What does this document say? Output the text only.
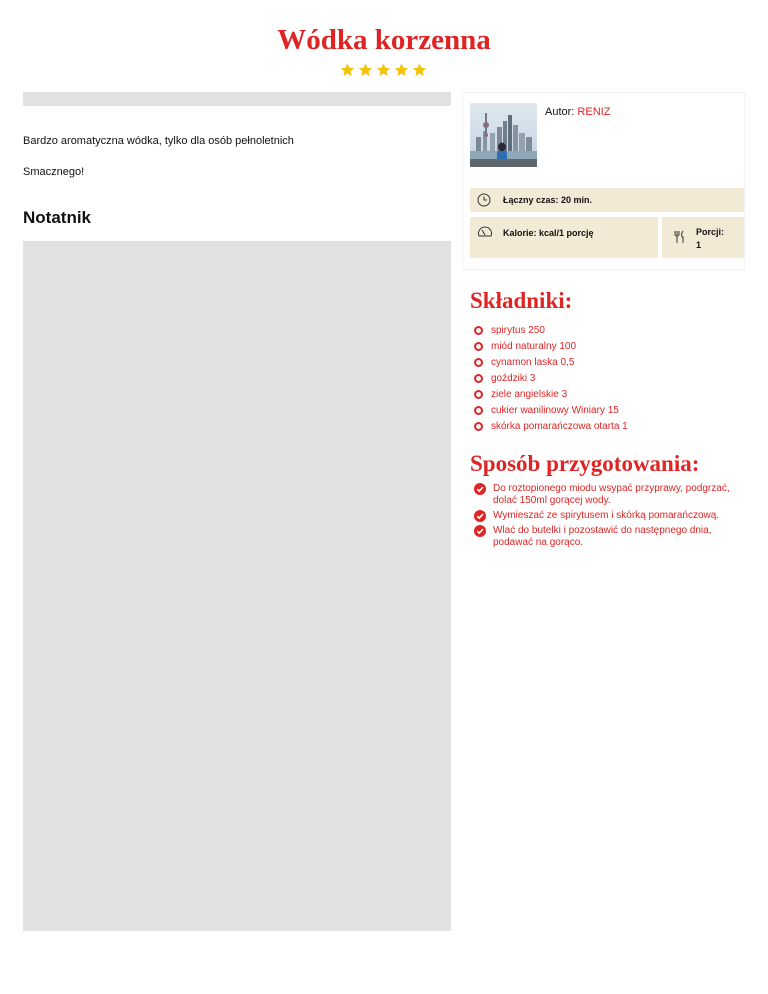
Wódka korzenna

Bardzo aromatyczna wódka, tylko dla osób pełnoletnich

Smacznego!

Notatnik
Autor: RENIZ
Łączny czas: 20 min.
Kalorie: kcal/1 porcję	Porcji:
1
Składniki:
spirytus 250
miód naturalny 100
cynamon laska 0,5
goździki 3
ziele angielskie 3
cukier wanilinowy Winiary 15
skórka pomarańczowa otarta 1
Sposób przygotowania:
Do roztopionego miodu wsypać przyprawy, podgrzać, dolać 150ml gorącej wody.
Wymieszać ze spirytusem i skórką pomarańczową.
Wlać do butelki i pozostawić do następnego dnia, podawać na gorąco.
